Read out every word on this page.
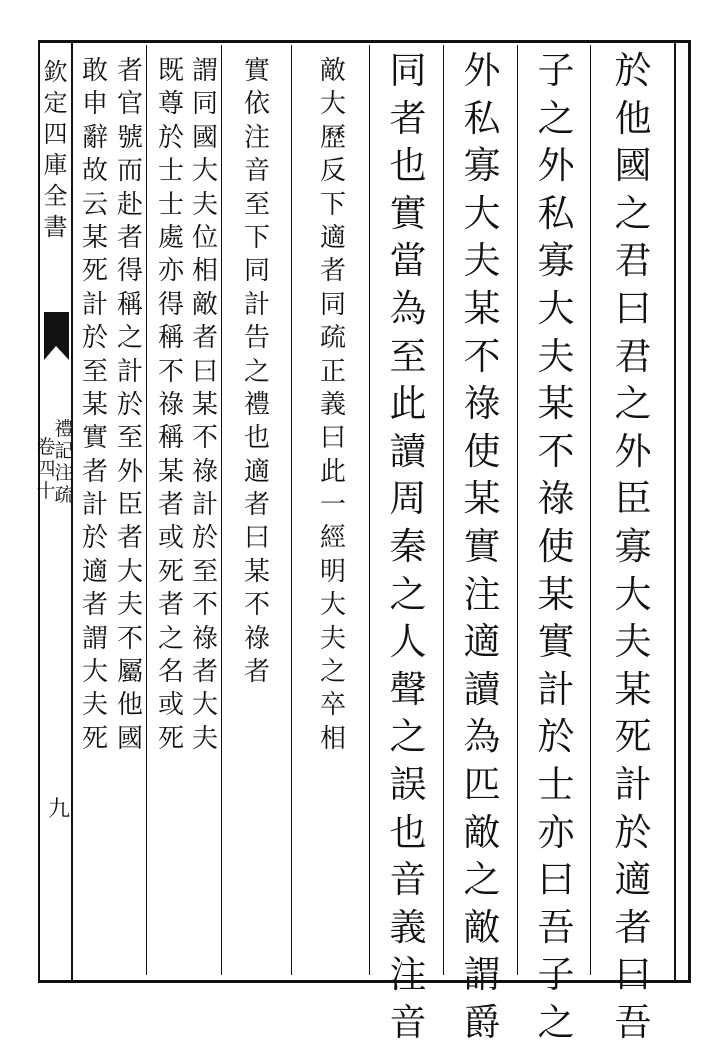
欽
定
四
庫
全
書
禮
記
注
疏
卷
四
十
九
於
他
國
之
君
曰
君
之
外
臣
寡
大
夫
某
死
計
於
適
者
曰
吾
子
之
外
私
寡
大
夫
某
不
祿
使
某
實
計
於
士
亦
曰
吾
子
之
外
私
寡
大
夫
某
不
祿
使
某
實
注
適
讀
為
匹
敵
之
敵
謂
爵
同
者
也
實
當
為
至
此
讀
周
秦
之
人
聲
之
誤
也
音
義
注
音
敵
大
歷
反
下
適
者
同
疏
正
義
曰
此
一
經
明
大
夫
之
卒
相
實
依
注
音
至
下
同
計
告
之
禮
也
適
者
曰
某
不
祿
者
謂
同
國
大
夫
位
相
敵
者
曰
某
不
祿
計
於
至
不
祿
者
大
夫
既
尊
於
士
士
處
亦
得
稱
不
祿
稱
某
者
或
死
者
之
名
或
死
者
官
號
而
赴
者
得
稱
之
計
於
至
外
臣
者
大
夫
不
屬
他
國
敢
申
辭
故
云
某
死
計
於
至
某
實
者
計
於
適
者
謂
大
夫
死
